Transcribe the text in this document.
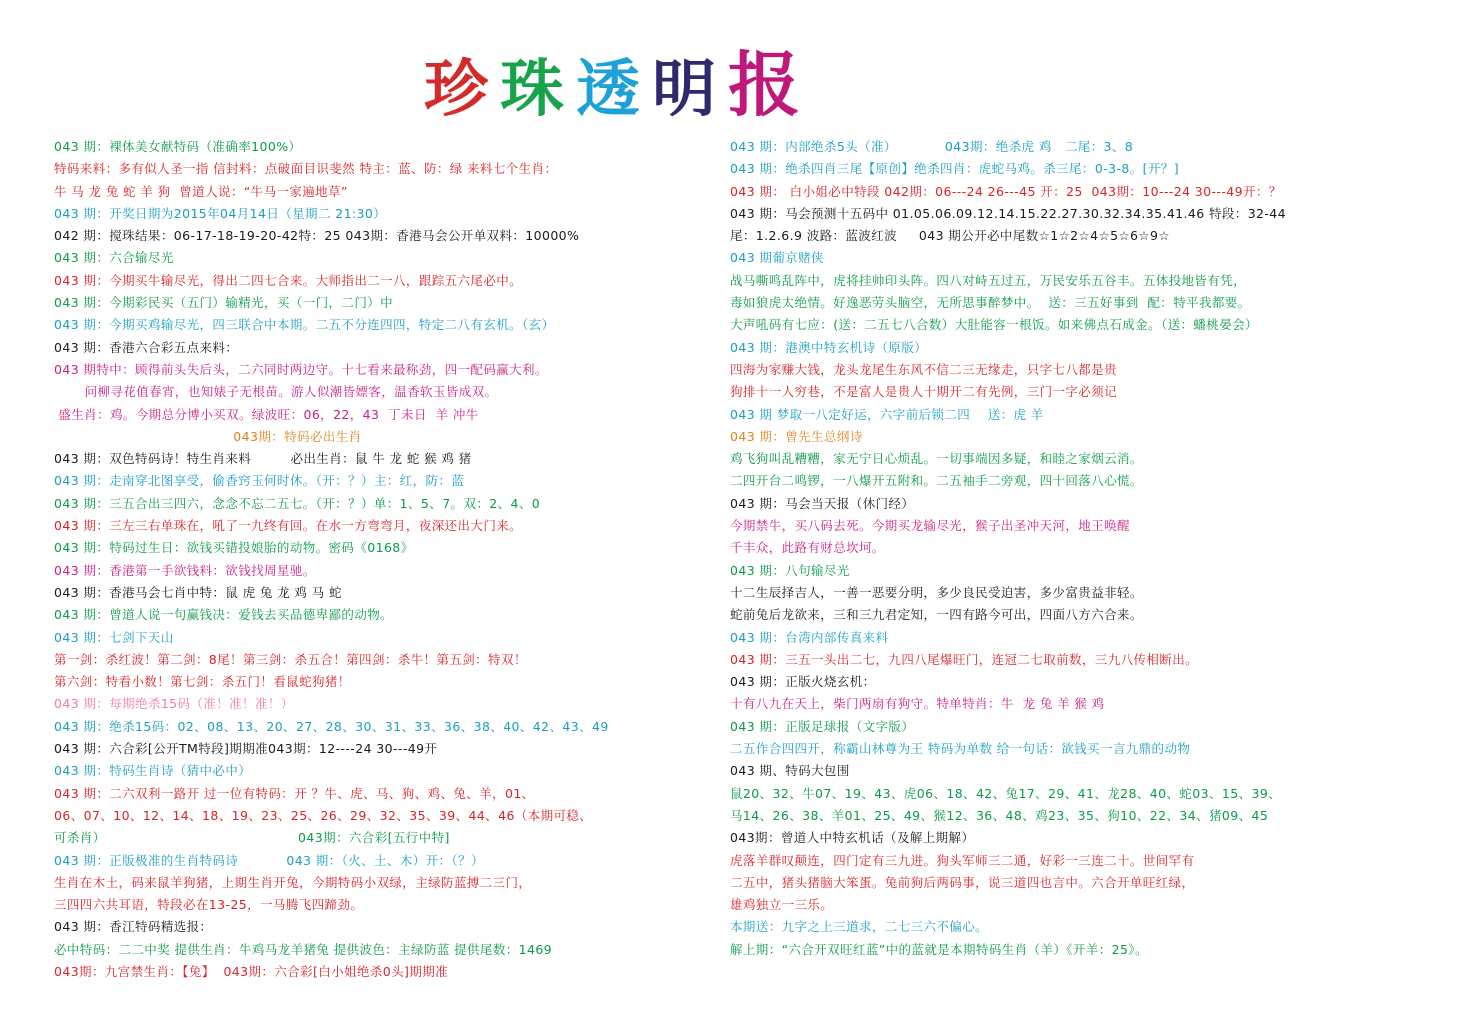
珍 珠 透 明 报
043 期：裸体美女献特码（准确率100%）
特码来料：多有似人圣一指 信封料：点破面目识斐然 特主：蓝、防：绿 来料七个生肖：
牛 马 龙 兔 蛇 羊 狗  曾道人说：“牛马一家遍地草”
043 期：开奖日期为2015年04月14日（星期二 21:30）
042 期：搅珠结果：06-17-18-19-20-42特：25 043期：香港马会公开单双料：10000%
043 期：六合输尽光
043 期：今期买牛输尽光，得出二四七合来。大师指出二一八，跟踪五六尾必中。
043 期：今期彩民买（五门）输精光，买（一门，二门）中
043 期：今期买鸡输尽光，四三联合中本期。二五不分连四四，特定二八有玄机。（玄）
043 期：香港六合彩五点来料：
043 期特中：顾得前头失后头，二六同时两边守。十七看来最称劲，四一配码赢大利。
问柳寻花值春宵，也知婊子无根苗。游人似潮皆嫖客，温香软玉皆成双。
盛生肖：鸡。今期总分博小买双。绿波旺：06，22，43  丁未日  羊 冲牛
043期：特码必出生肖
043 期：双色特码诗！特生肖来料         必出生肖：鼠 牛 龙 蛇 猴 鸡 猪
043 期：走南穿北图享受，偷香窍玉何时休。（开：？）主：红，防：蓝
043 期：三五合出三四六，念念不忘二五七。（开：？）单：1、5、7。双：2、4、0
043 期：三左三右单珠在，吼了一九终有回。在水一方弯弯月，夜深还出大门来。
043 期：特码过生日：欲钱买错投娘胎的动物。密码《0168》
043 期：香港第一手欲钱料：欲钱找周星驰。
043 期：香港马会七肖中特：鼠 虎 兔 龙 鸡 马 蛇
043 期：曾道人说一句赢钱决：爱钱去买品德卑鄙的动物。
043 期：七剑下天山
第一剑：杀红波！第二剑：8尾！第三剑：杀五合！第四剑：杀牛！第五剑：特双！
第六剑：特看小数！第七剑：杀五门！看鼠蛇狗猪！
043 期：每期绝杀15码（准！准！准！）
043 期：绝杀15码：02、08、13、20、27、28、30、31、33、36、38、40、42、43、49
043 期：六合彩[公开TM特段]期期准043期：12----24 30---49开
043 期：特码生肖诗（猜中必中）
043 期：二六双利一路开 过一位有特码：开 ？牛、虎、马、狗、鸡、兔、羊，01、
06、07、10、12、14、18、19、23、25、26、29、32、35、39、44、46（本期可稳、
可杀肖）                                            043期：六合彩[五行中特]
043 期：正版极准的生肖特码诗           043 期：（火、土、木）开：（？）
生肖在木土，码来鼠羊狗猪，上期生肖开兔，今期特码小双绿，主绿防蓝搏二三门，
三四四六共耳语，特段必在13-25，一马腾飞四蹄劲。
043 期：香江特码精选报：
必中特码：二二中奖 提供生肖：牛鸡马龙羊猪兔 提供波色：主绿防蓝 提供尾数：1469
043期：九宫禁生肖：【兔】  043期：六合彩[白小姐绝杀0头]期期准
043 期：内部绝杀5头（准）           043期：绝杀虎 鸡   二尾：3、8
043 期：绝杀四肖三尾【原创】绝杀四肖：虎蛇马鸡。杀三尾：0-3-8。[开？]
043 期： 白小姐必中特段 042期：06---24 26---45 开：25  043期：10---24 30---49开：？
043 期：马会预测十五码中 01.05.06.09.12.14.15.22.27.30.32.34.35.41.46 特段：32-44
尾：1.2.6.9 波路：蓝波红波     043 期公开必中尾数☆1☆2☆4☆5☆6☆9☆
043 期葡京赌侠
战马嘶鸣乱阵中，虎将挂帅印头阵。四八对峙五过五，万民安乐五谷丰。五体投地皆有凭，
毒如狼虎太绝情。好逸恶劳头脑空，无所思事醉梦中。  送：三五好事到  配：特平我都要。
大声吼码有七应：(送：二五七八合数）大肚能容一根饭。如来佛点石成金。（送：蟠桃晏会）
043 期：港澳中特玄机诗（原版）
四海为家赚大钱，龙头龙尾生东风不信二三无缘走，只字七八都是贵
狗排十一人穷巷，不是富人是贵人十期开二有先例，三门一字必须记
043 期 梦取一八定好运，六字前后锁二四    送：虎 羊
043 期：曾先生总纲诗
鸡飞狗叫乱糟糟，家无宁日心烦乱。一切事端因多疑，和睦之家烟云消。
二四开台二鸣锣，一八爆开五附和。二五袖手二旁观，四十回落八心慌。
043 期：马会当天报（休门经）
今期禁牛，买八码去死。今期买龙输尽光，猴子出圣冲天河，地王唤醒
千丰众，此路有财总坎坷。
043 期：八句输尽光
十二生辰择吉人，一善一恶要分明，多少良民受迫害，多少富贵益非轻。
蛇前兔后龙欲来，三和三九君定知，一四有路今可出，四面八方六合来。
043 期：台湾内部传真来料
043 期：三五一头出二七，九四八尾爆旺门，连冠二七取前数，三九八传相断出。
043 期：正版火烧玄机：
十有八九在天上，柴门两扇有狗守。特单特肖：牛  龙 兔 羊 猴 鸡
043 期：正版足球报（文字版）
二五作合四四开，称霸山林尊为王 特码为单数 给一句话：欲钱买一言九鼎的动物
043 期、特码大包围
鼠20、32、牛07、19、43、虎06、18、42、兔17、29、41、龙28、40、蛇03、15、39、
马14、26、38、羊01、25、49、猴12、36、48、鸡23、35、狗10、22、34、猪09、45
043期：曾道人中特玄机话（及解上期解）
虎落羊群叹颠连，四门定有三九进。狗头军师三二通，好彩一三连二十。世间罕有
二五中，猪头猪脑大笨蛋。兔前狗后两码事，说三道四也言中。六合开单旺红绿，
雄鸡独立一三乐。
本期送：九字之上三道求，二七三六不偏心。
解上期：“六合开双旺红蓝”中的蓝就是本期特码生肖（羊）《开羊：25》。
